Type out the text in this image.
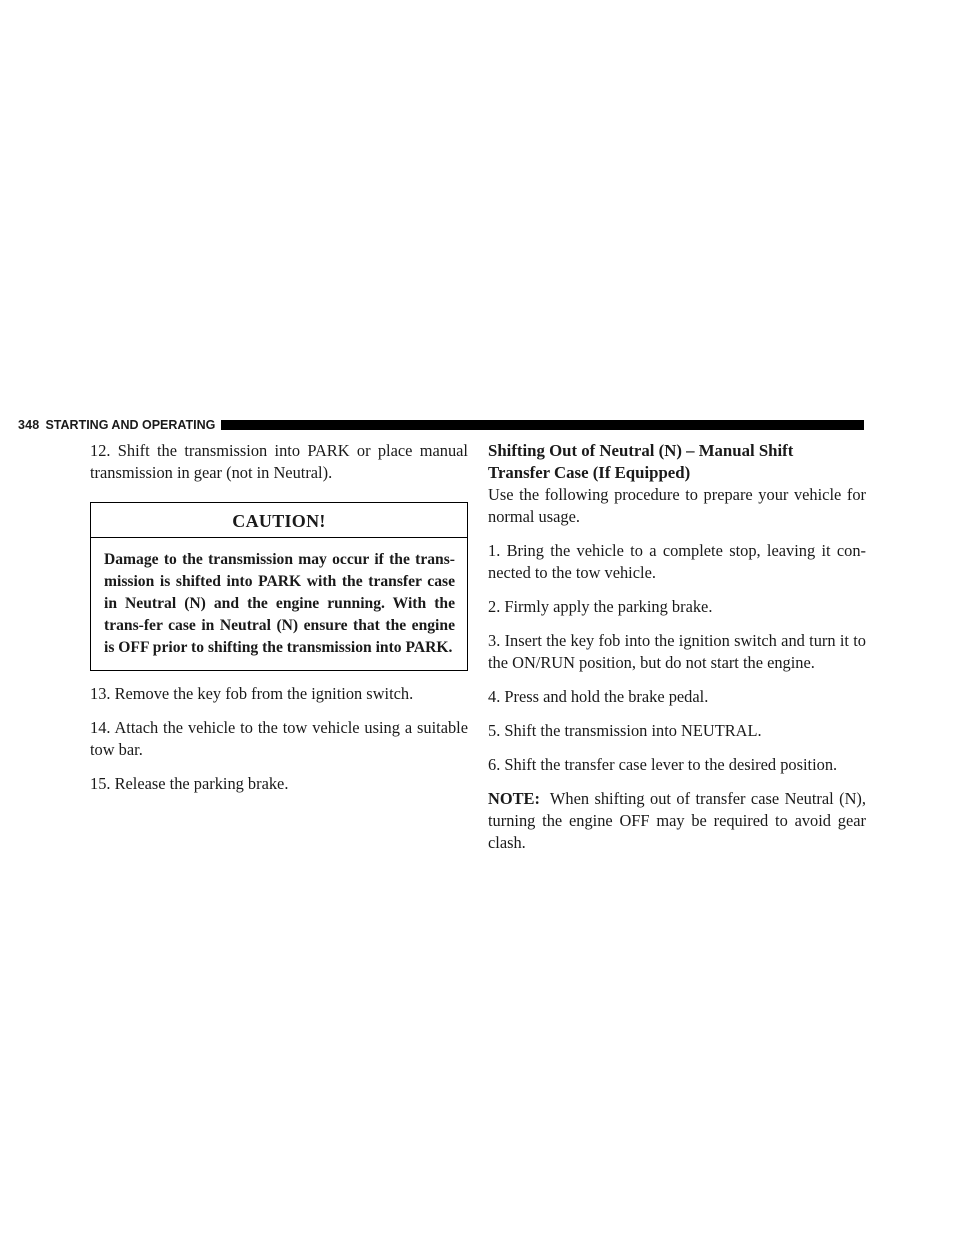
348 STARTING AND OPERATING

12. Shift the transmission into PARK or place manual transmission in gear (not in Neutral).

CAUTION!
Damage to the transmission may occur if the trans-mission is shifted into PARK with the transfer case in Neutral (N) and the engine running. With the trans-fer case in Neutral (N) ensure that the engine is OFF prior to shifting the transmission into PARK.

13. Remove the key fob from the ignition switch.

14. Attach the vehicle to the tow vehicle using a suitable tow bar.

15. Release the parking brake.

Shifting Out of Neutral (N) – Manual Shift
Transfer Case (If Equipped)

Use the following procedure to prepare your vehicle for normal usage.

1. Bring the vehicle to a complete stop, leaving it con-nected to the tow vehicle.

2. Firmly apply the parking brake.

3. Insert the key fob into the ignition switch and turn it to the ON/RUN position, but do not start the engine.

4. Press and hold the brake pedal.

5. Shift the transmission into NEUTRAL.

6. Shift the transfer case lever to the desired position.

NOTE: When shifting out of transfer case Neutral (N), turning the engine OFF may be required to avoid gear clash.
